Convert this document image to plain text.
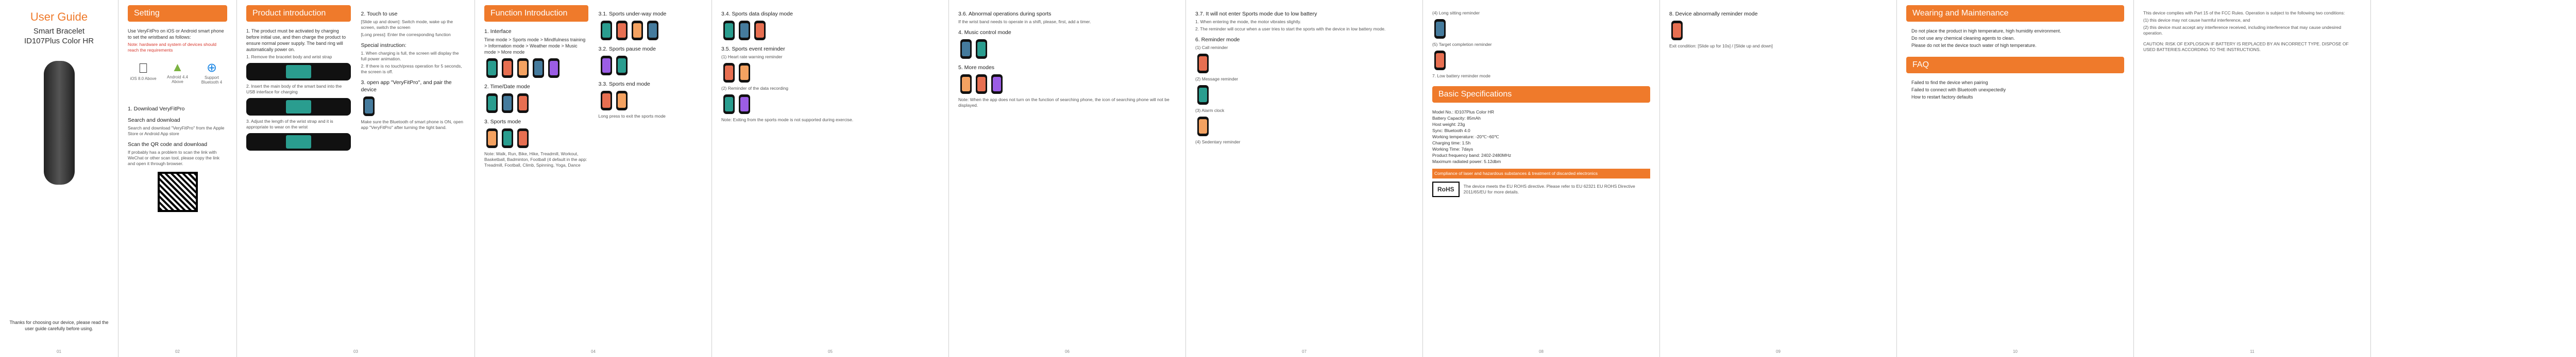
User Guide
Smart Bracelet
ID107Plus Color HR
Thanks for choosing our device, please read the user guide carefully before using.
01
Setting
Use VeryFitPro on iOS or Android smart phone to set the wristband as follows:
Note: hardware and system of devices should reach the requirements
iOS 8.0 Above	▲
Android 4.4 Above
⊕
Support Bluetooth 4
1. Download VeryFitPro
Search and download
Search and download "VeryFitPro" from the Apple Store or Android App store
Scan the QR code and download
If probably has a problem to scan the link with WeChat or other scan tool, please copy the link and open it through browser.
02
Product introduction
1. The product must be activated by charging before initial use, and then charge the product to ensure normal power supply. The band ring will automatically power on.
1. Remove the bracelet body and wrist strap
2. Insert the main body of the smart band into the USB interface for charging
3. Adjust the length of the wrist strap and it is appropriate to wear on the wrist
2. Touch to use
[Slide up and down]: Switch mode, wake up the screen, switch the screen
[Long press]: Enter the corresponding function
Special instruction:
1. When charging is full, the screen will display the full power animation.
2. If there is no touch/press operation for 5 seconds, the screen is off.
3. open app "VeryFitPro", and pair the device
Make sure the Bluetooth of smart phone is ON, open app "VeryFitPro" after turning the tight band.
03
Function Introduction
1. Interface
Time mode > Sports mode > Mindfulness training > Information mode > Weather mode > Music mode > More mode
2. Time/Date mode
3. Sports mode
Note: Walk, Run, Bike, Hike, Treadmill, Workout, Basketball, Badminton, Football (4 default in the app: Treadmill, Football, Climb, Spinning, Yoga, Dance
3.1. Sports under-way mode
3.2. Sports pause mode
3.3. Sports end mode
Long press to exit the sports mode
04
3.4. Sports data display mode
3.5. Sports event reminder
(1) Heart rate warning reminder
(2) Reminder of the data recording
Note: Exiting from the sports mode is not supported during exercise.
05
3.6. Abnormal operations during sports
If the wrist band needs to operate in a shift, please, first, add a timer.
4. Music control mode
5. More modes
Note: When the app does not turn on the function of searching phone, the icon of searching phone will not be displayed.
06
3.7. It will not enter Sports mode due to low battery
1. When entering the mode, the motor vibrates slightly.
2. The reminder will occur when a user tries to start the sports with the device in low battery mode.
6. Reminder mode
(1) Call reminder
(2) Message reminder
(3) Alarm clock
(4) Sedentary reminder
07
(4) Long sitting reminder
(5) Target completion reminder
7. Low battery reminder mode
Basic Specifications
Model No.: ID107Plus Color HR
Battery Capacity: 85mAh
Host weight: 23g
Sync: Bluetooth 4.0
Working temperature: -20℃~60℃
Charging time: 1.5h
Working Time: 7days
Product frequency band: 2402-2480MHz
Maximum radiated power: 5.12dbm
Compliance of laser and hazardous substances & treatment of discarded electronics
RoHS	The device meets the EU ROHS directive. Please refer to EU 62321 EU ROHS Directive 2011/65/EU for more details.
08
8. Device abnormally reminder mode
Exit condition: [Slide up for 10s] / [Slide up and down]
09
Wearing and Maintenance
Do not place the product in high temperature, high humidity environment.
Do not use any chemical cleaning agents to clean.
Please do not let the device touch water of high temperature.
FAQ
Failed to find the device when pairing
Failed to connect with Bluetooth unexpectedly
How to restart factory defaults
10
This device complies with Part 15 of the FCC Rules. Operation is subject to the following two conditions:
(1) this device may not cause harmful interference, and
(2) this device must accept any interference received, including interference that may cause undesired operation.
CAUTION: RISK OF EXPLOSION IF BATTERY IS REPLACED BY AN INCORRECT TYPE. DISPOSE OF USED BATTERIES ACCORDING TO THE INSTRUCTIONS.
11
